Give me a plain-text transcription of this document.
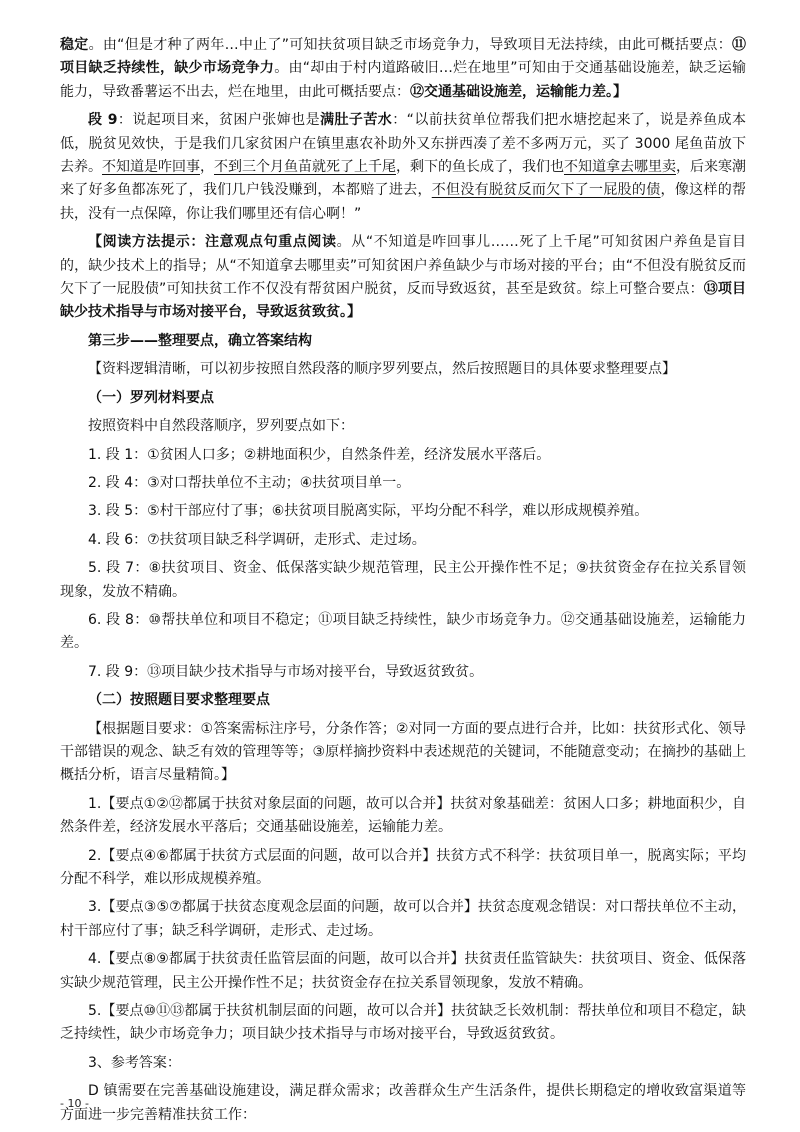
稳定。由“但是才种了两年…中止了”可知扶贫项目缺乏市场竞争力，导致项目无法持续，由此可概括要点：⑪项目缺乏持续性，缺少市场竞争力。由“却由于村内道路破旧…烂在地里”可知由于交通基础设施差，缺乏运输能力，导致番薯运不出去，烂在地里，由此可概括要点：⑫交通基础设施差，运输能力差。】

段 9：说起项目来，贫困户张婶也是满肚子苦水：“以前扶贫单位帮我们把水塘挖起来了，说是养鱼成本低，脱贫见效快，于是我们几家贫困户在镇里惠农补助外又东拼西凑了差不多两万元，买了 3000 尾鱼苗放下去养。不知道是咋回事，不到三个月鱼苗就死了上千尾，剩下的鱼长成了，我们也不知道拿去哪里卖，后来寒潮来了好多鱼都冻死了，我们几户钱没赚到，本都赔了进去，不但没有脱贫反而欠下了一屁股的债，像这样的帮扶，没有一点保障，你让我们哪里还有信心啊！”

【阅读方法提示：注意观点句重点阅读。从“不知道是咋回事儿……死了上千尾”可知贫困户养鱼是盲目的，缺少技术上的指导；从“不知道拿去哪里卖”可知贫困户养鱼缺少与市场对接的平台；由“不但没有脱贫反而欠下了一屁股债”可知扶贫工作不仅没有帮贫困户脱贫，反而导致返贫，甚至是致贫。综上可整合要点：⑬项目缺少技术指导与市场对接平台，导致返贫致贫。】

第三步——整理要点，确立答案结构

【资料逻辑清晰，可以初步按照自然段落的顺序罗列要点，然后按照题目的具体要求整理要点】

（一）罗列材料要点

按照资料中自然段落顺序，罗列要点如下：

1. 段 1：①贫困人口多；②耕地面积少，自然条件差，经济发展水平落后。

2. 段 4：③对口帮扶单位不主动；④扶贫项目单一。

3. 段 5：⑤村干部应付了事；⑥扶贫项目脱离实际，平均分配不科学，难以形成规模养殖。

4. 段 6：⑦扶贫项目缺乏科学调研，走形式、走过场。

5. 段 7：⑧扶贫项目、资金、低保落实缺少规范管理，民主公开操作性不足；⑨扶贫资金存在拉关系冒领现象，发放不精确。

6. 段 8：⑩帮扶单位和项目不稳定；⑪项目缺乏持续性，缺少市场竞争力。⑫交通基础设施差，运输能力差。

7. 段 9：⑬项目缺少技术指导与市场对接平台，导致返贫致贫。

（二）按照题目要求整理要点

【根据题目要求：①答案需标注序号，分条作答；②对同一方面的要点进行合并，比如：扶贫形式化、领导干部错误的观念、缺乏有效的管理等等；③原样摘抄资料中表述规范的关键词，不能随意变动；在摘抄的基础上概括分析，语言尽量精简。】

1.【要点①②⑫都属于扶贫对象层面的问题，故可以合并】扶贫对象基础差：贫困人口多；耕地面积少，自然条件差，经济发展水平落后；交通基础设施差，运输能力差。

2.【要点④⑥都属于扶贫方式层面的问题，故可以合并】扶贫方式不科学：扶贫项目单一，脱离实际；平均分配不科学，难以形成规模养殖。

3.【要点③⑤⑦都属于扶贫态度观念层面的问题，故可以合并】扶贫态度观念错误：对口帮扶单位不主动，村干部应付了事；缺乏科学调研，走形式、走过场。

4.【要点⑧⑨都属于扶贫责任监管层面的问题，故可以合并】扶贫责任监管缺失：扶贫项目、资金、低保落实缺少规范管理，民主公开操作性不足；扶贫资金存在拉关系冒领现象，发放不精确。

5.【要点⑩⑪⑬都属于扶贫机制层面的问题，故可以合并】扶贫缺乏长效机制：帮扶单位和项目不稳定，缺乏持续性，缺少市场竞争力；项目缺少技术指导与市场对接平台，导致返贫致贫。

3、参考答案：

D 镇需要在完善基础设施建设，满足群众需求；改善群众生产生活条件，提供长期稳定的增收致富渠道等方面进一步完善精准扶贫工作：

- 10 -
